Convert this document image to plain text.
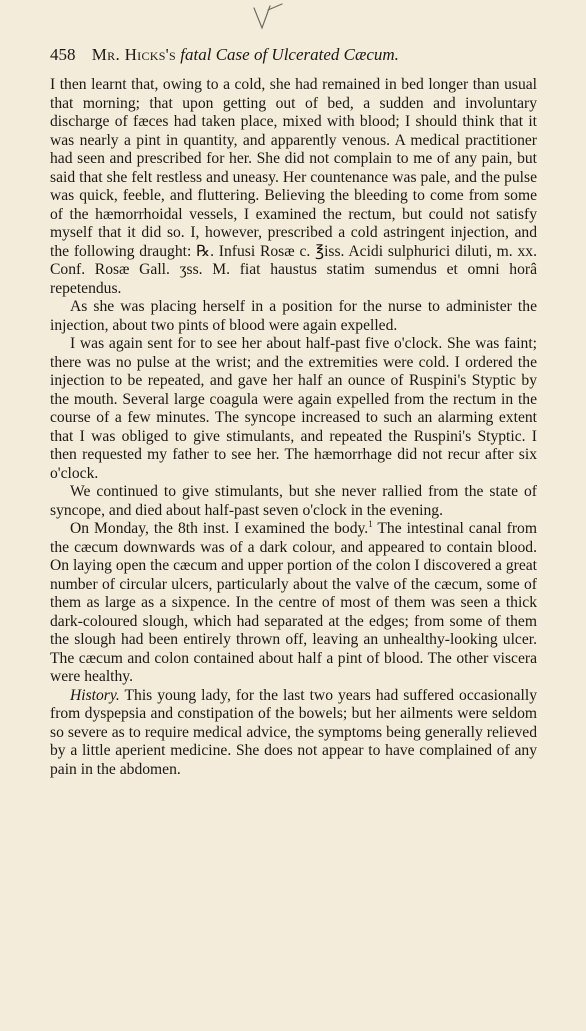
458 Mr. Hicks's fatal Case of Ulcerated Cæcum.

I then learnt that, owing to a cold, she had remained in bed longer than usual that morning; that upon getting out of bed, a sudden and involuntary discharge of fæces had taken place, mixed with blood; I should think that it was nearly a pint in quantity, and apparently venous. A medical practitioner had seen and prescribed for her. She did not complain to me of any pain, but said that she felt restless and uneasy. Her countenance was pale, and the pulse was quick, feeble, and fluttering. Believing the bleeding to come from some of the hæmorrhoidal vessels, I examined the rectum, but could not satisfy myself that it did so. I, however, prescribed a cold astringent injection, and the following draught: ℞. Infusi Rosæ c. ℥iss. Acidi sulphurici diluti, m. xx. Conf. Rosæ Gall. ʒss. M. fiat haustus statim sumendus et omni horâ repetendus.

As she was placing herself in a position for the nurse to administer the injection, about two pints of blood were again expelled.

I was again sent for to see her about half-past five o'clock. She was faint; there was no pulse at the wrist; and the extremities were cold. I ordered the injection to be repeated, and gave her half an ounce of Ruspini's Styptic by the mouth. Several large coagula were again expelled from the rectum in the course of a few minutes. The syncope increased to such an alarming extent that I was obliged to give stimulants, and repeated the Ruspini's Styptic. I then requested my father to see her. The hæmorrhage did not recur after six o'clock.

We continued to give stimulants, but she never rallied from the state of syncope, and died about half-past seven o'clock in the evening.

On Monday, the 8th inst. I examined the body.$^1$ The intestinal canal from the cæcum downwards was of a dark colour, and appeared to contain blood. On laying open the cæcum and upper portion of the colon I discovered a great number of circular ulcers, particularly about the valve of the cæcum, some of them as large as a sixpence. In the centre of most of them was seen a thick dark-coloured slough, which had separated at the edges; from some of them the slough had been entirely thrown off, leaving an unhealthy-looking ulcer. The cæcum and colon contained about half a pint of blood. The other viscera were healthy.

History. This young lady, for the last two years had suffered occasionally from dyspepsia and constipation of the bowels; but her ailments were seldom so severe as to require medical advice, the symptoms being generally relieved by a little aperient medicine. She does not appear to have complained of any pain in the abdomen.
